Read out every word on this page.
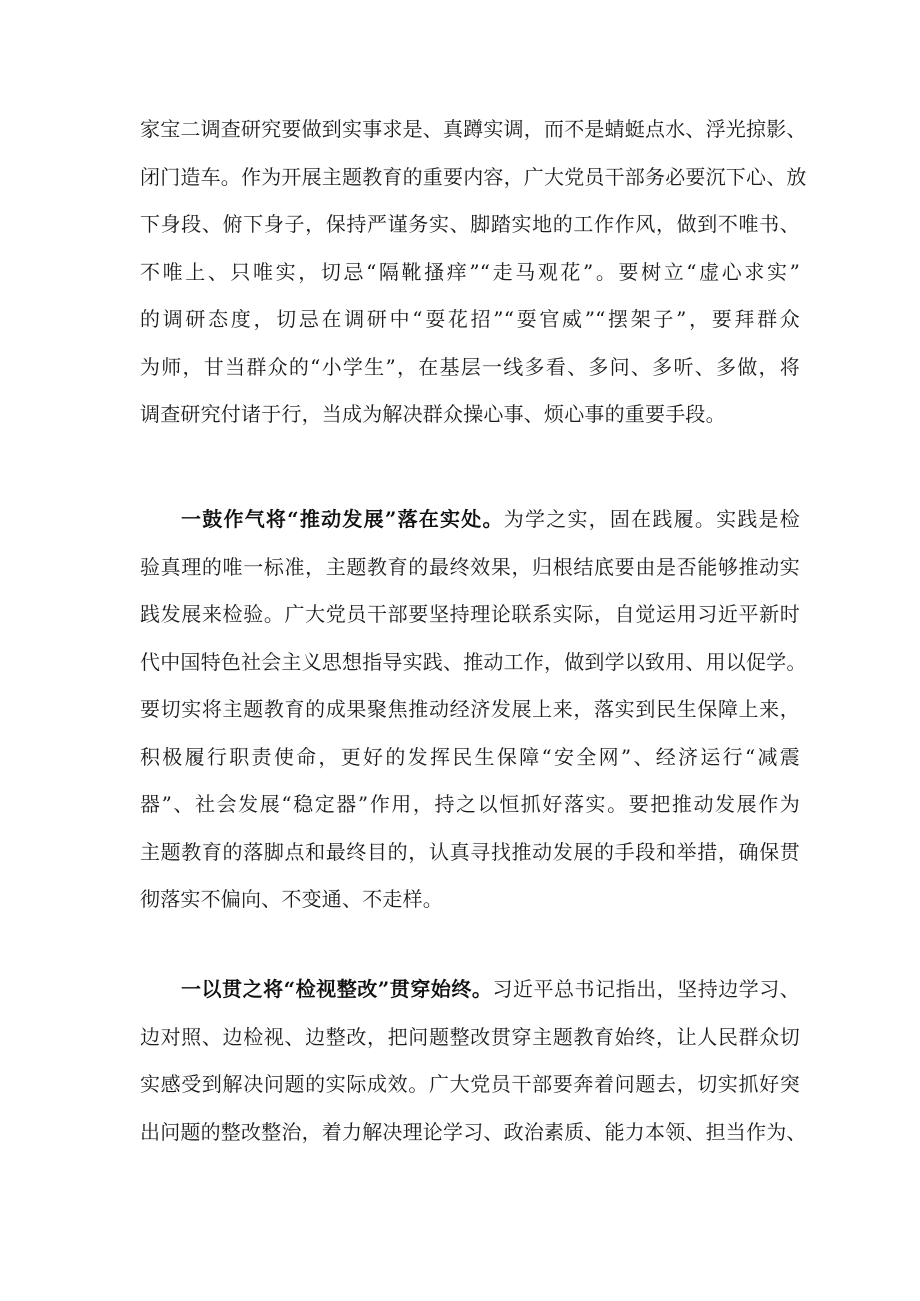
家宝二调查研究要做到实事求是、真蹲实调，而不是蜻蜓点水、浮光掠影、
闭门造车。作为开展主题教育的重要内容，广大党员干部务必要沉下心、放
下身段、俯下身子，保持严谨务实、脚踏实地的工作作风，做到不唯书、
不唯上、只唯实，切忌“隔靴搔痒”“走马观花”。要树立“虚心求实”
的调研态度，切忌在调研中“耍花招”“耍官威”“摆架子”，要拜群众
为师，甘当群众的“小学生”，在基层一线多看、多问、多听、多做，将
调查研究付诸于行，当成为解决群众操心事、烦心事的重要手段。
一鼓作气将“推动发展”落在实处。为学之实，固在践履。实践是检
验真理的唯一标准，主题教育的最终效果，归根结底要由是否能够推动实
践发展来检验。广大党员干部要坚持理论联系实际，自觉运用习近平新时
代中国特色社会主义思想指导实践、推动工作，做到学以致用、用以促学。
要切实将主题教育的成果聚焦推动经济发展上来，落实到民生保障上来，
积极履行职责使命，更好的发挥民生保障“安全网”、经济运行“减震
器”、社会发展“稳定器”作用，持之以恒抓好落实。要把推动发展作为
主题教育的落脚点和最终目的，认真寻找推动发展的手段和举措，确保贯
彻落实不偏向、不变通、不走样。
一以贯之将“检视整改”贯穿始终。习近平总书记指出，坚持边学习、
边对照、边检视、边整改，把问题整改贯穿主题教育始终，让人民群众切
实感受到解决问题的实际成效。广大党员干部要奔着问题去，切实抓好突
出问题的整改整治，着力解决理论学习、政治素质、能力本领、担当作为、
